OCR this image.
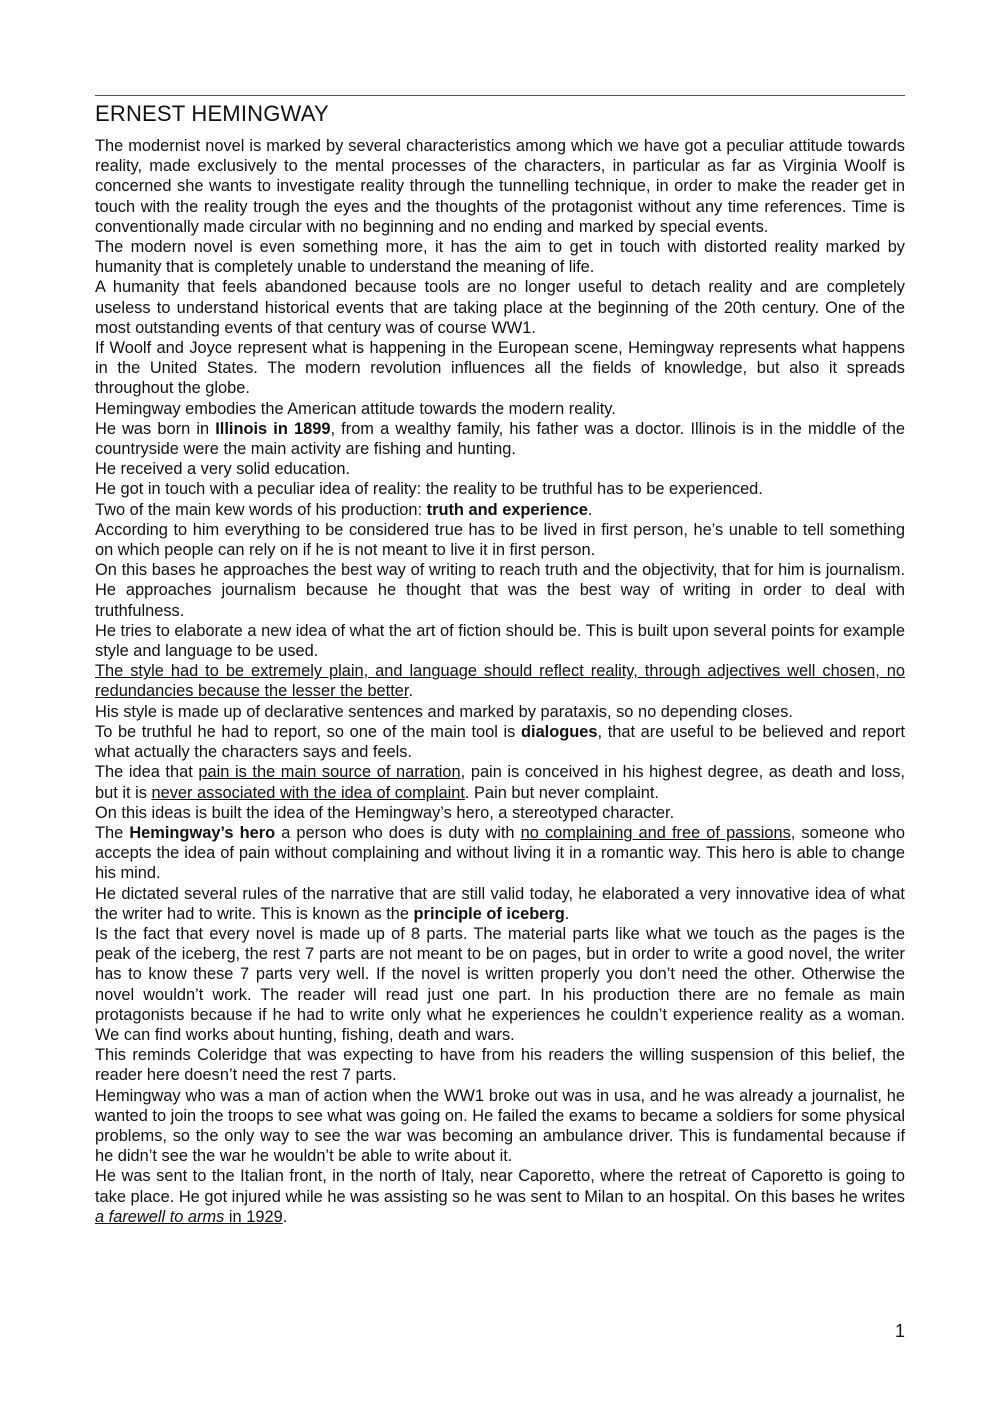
ERNEST HEMINGWAY

The modernist novel is marked by several characteristics among which we have got a peculiar attitude towards reality, made exclusively to the mental processes of the characters, in particular as far as Virginia Woolf is concerned she wants to investigate reality through the tunnelling technique, in order to make the reader get in touch with the reality trough the eyes and the thoughts of the protagonist without any time references. Time is conventionally made circular with no beginning and no ending and marked by special events.

The modern novel is even something more, it has the aim to get in touch with distorted reality marked by humanity that is completely unable to understand the meaning of life.

A humanity that feels abandoned because tools are no longer useful to detach reality and are completely useless to understand historical events that are taking place at the beginning of the 20th century. One of the most outstanding events of that century was of course WW1.

If Woolf and Joyce represent what is happening in the European scene, Hemingway represents what happens in the United States. The modern revolution influences all the fields of knowledge, but also it spreads throughout the globe.

Hemingway embodies the American attitude towards the modern reality.

He was born in Illinois in 1899, from a wealthy family, his father was a doctor. Illinois is in the middle of the countryside were the main activity are fishing and hunting.

He received a very solid education.

He got in touch with a peculiar idea of reality: the reality to be truthful has to be experienced.

Two of the main kew words of his production: truth and experience.

According to him everything to be considered true has to be lived in first person, he’s unable to tell something on which people can rely on if he is not meant to live it in first person.

On this bases he approaches the best way of writing to reach truth and the objectivity, that for him is journalism. He approaches journalism because he thought that was the best way of writing in order to deal with truthfulness.

He tries to elaborate a new idea of what the art of fiction should be. This is built upon several points for example style and language to be used.

The style had to be extremely plain, and language should reflect reality, through adjectives well chosen, no redundancies because the lesser the better.

His style is made up of declarative sentences and marked by parataxis, so no depending closes.

To be truthful he had to report, so one of the main tool is dialogues, that are useful to be believed and report what actually the characters says and feels.

The idea that pain is the main source of narration, pain is conceived in his highest degree, as death and loss, but it is never associated with the idea of complaint. Pain but never complaint.

On this ideas is built the idea of the Hemingway’s hero, a stereotyped character.

The Hemingway’s hero a person who does is duty with no complaining and free of passions, someone who accepts the idea of pain without complaining and without living it in a romantic way. This hero is able to change his mind.

He dictated several rules of the narrative that are still valid today, he elaborated a very innovative idea of what the writer had to write. This is known as the principle of iceberg.

Is the fact that every novel is made up of 8 parts. The material parts like what we touch as the pages is the peak of the iceberg, the rest 7 parts are not meant to be on pages, but in order to write a good novel, the writer has to know these 7 parts very well. If the novel is written properly you don’t need the other. Otherwise the novel wouldn’t work. The reader will read just one part. In his production there are no female as main protagonists because if he had to write only what he experiences he couldn’t experience reality as a woman. We can find works about hunting, fishing, death and wars.

This reminds Coleridge that was expecting to have from his readers the willing suspension of this belief, the reader here doesn’t need the rest 7 parts.

Hemingway who was a man of action when the WW1 broke out was in usa, and he was already a journalist, he wanted to join the troops to see what was going on. He failed the exams to became a soldiers for some physical problems, so the only way to see the war was becoming an ambulance driver. This is fundamental because if he didn’t see the war he wouldn’t be able to write about it.

He was sent to the Italian front, in the north of Italy, near Caporetto, where the retreat of Caporetto is going to take place. He got injured while he was assisting so he was sent to Milan to an hospital. On this bases he writes a farewell to arms in 1929.

1
